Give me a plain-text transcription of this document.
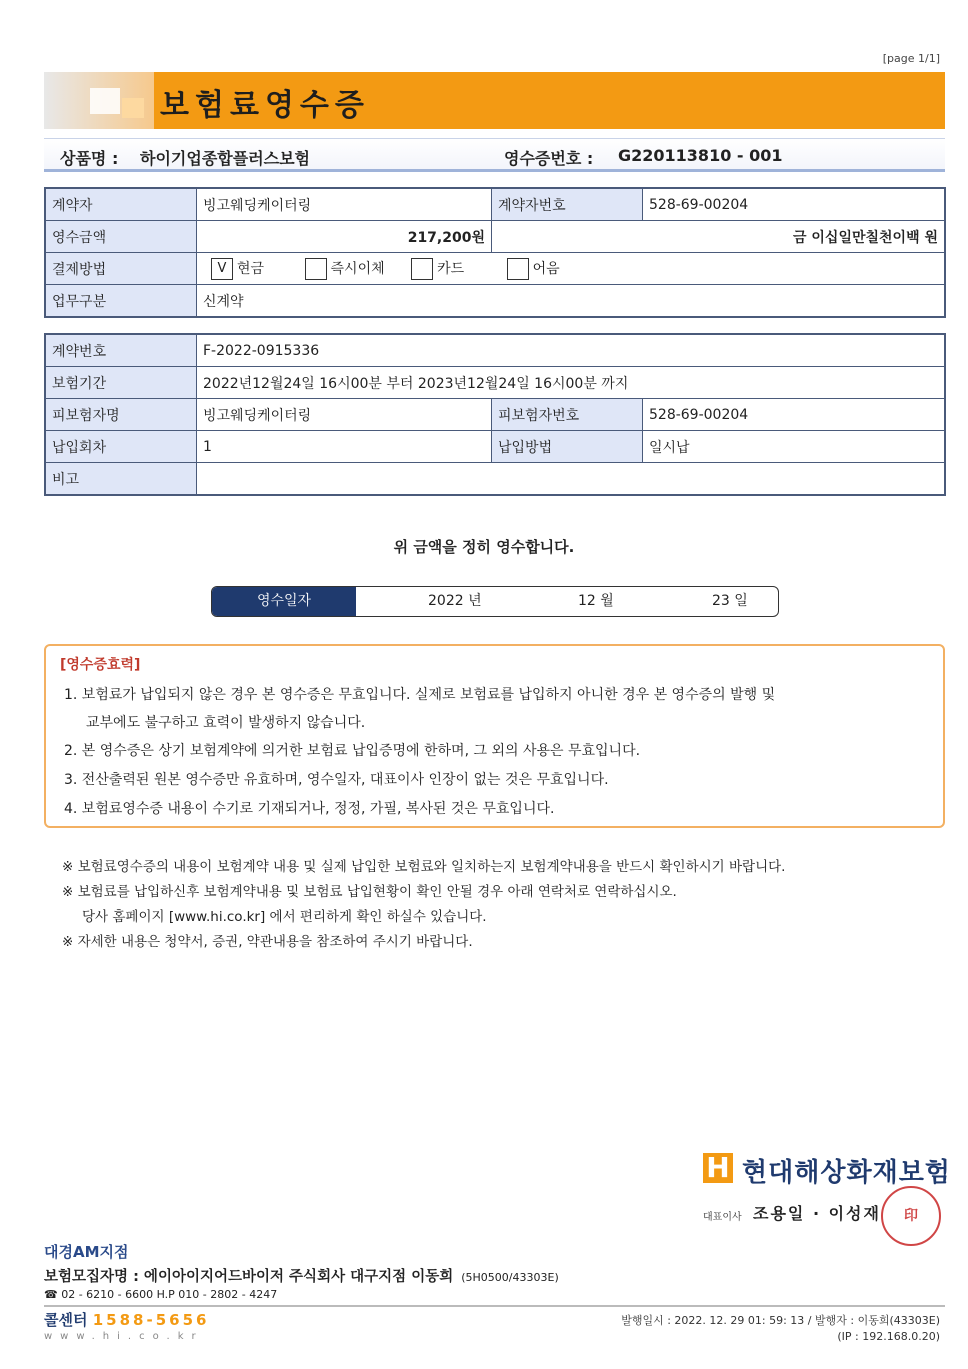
[page 1/1]
보험료영수증
상품명 : 하이기업종합플러스보험	영수증번호 : G220113810 - 001
계약자	빙고웨딩케이터링	계약자번호	528-69-00204
영수금액	217,200원	금 이십일만칠천이백 원	
결제방법	V 현금 즉시이체 카드 어음		
업무구분	신계약		
계약번호	F-2022-0915336		
보험기간	2022년12월24일 16시00분 부터 2023년12월24일 16시00분 까지		
피보험자명	빙고웨딩케이터링	피보험자번호	528-69-00204
납입회차	1	납입방법	일시납
비고			
위 금액을 정히 영수합니다.
영수일자	2022 년	12 월	23 일
[영수증효력]
1. 보험료가 납입되지 않은 경우 본 영수증은 무효입니다. 실제로 보험료를 납입하지 아니한 경우 본 영수증의 발행 및
교부에도 불구하고 효력이 발생하지 않습니다.
2. 본 영수증은 상기 보험계약에 의거한 보험료 납입증명에 한하며, 그 외의 사용은 무효입니다.
3. 전산출력된 원본 영수증만 유효하며, 영수일자, 대표이사 인장이 없는 것은 무효입니다.
4. 보험료영수증 내용이 수기로 기재되거나, 정정, 가필, 복사된 것은 무효입니다.
※ 보험료영수증의 내용이 보험계약 내용 및 실제 납입한 보험료와 일치하는지 보험계약내용을 반드시 확인하시기 바랍니다.
※ 보험료를 납입하신후 보험계약내용 및 보험료 납입현황이 확인 안될 경우 아래 연락처로 연락하십시오.
당사 홈페이지 [www.hi.co.kr] 에서 편리하게 확인 하실수 있습니다.
※ 자세한 내용은 청약서, 증권, 약관내용을 참조하여 주시기 바랍니다.
H 현대해상화재보험
대표이사 조용일 · 이성재	印
대경AM지점
보험모집자명 : 에이아이지어드바이저 주식회사 대구지점 이동희 (5H0500/43303E)
☎ 02 - 6210 - 6600 H.P 010 - 2802 - 4247
콜센터 1588-5656
www.hi.co.kr
발행일시 : 2022. 12. 29 01: 59: 13 / 발행자 : 이동희(43303E)
(IP : 192.168.0.20)
